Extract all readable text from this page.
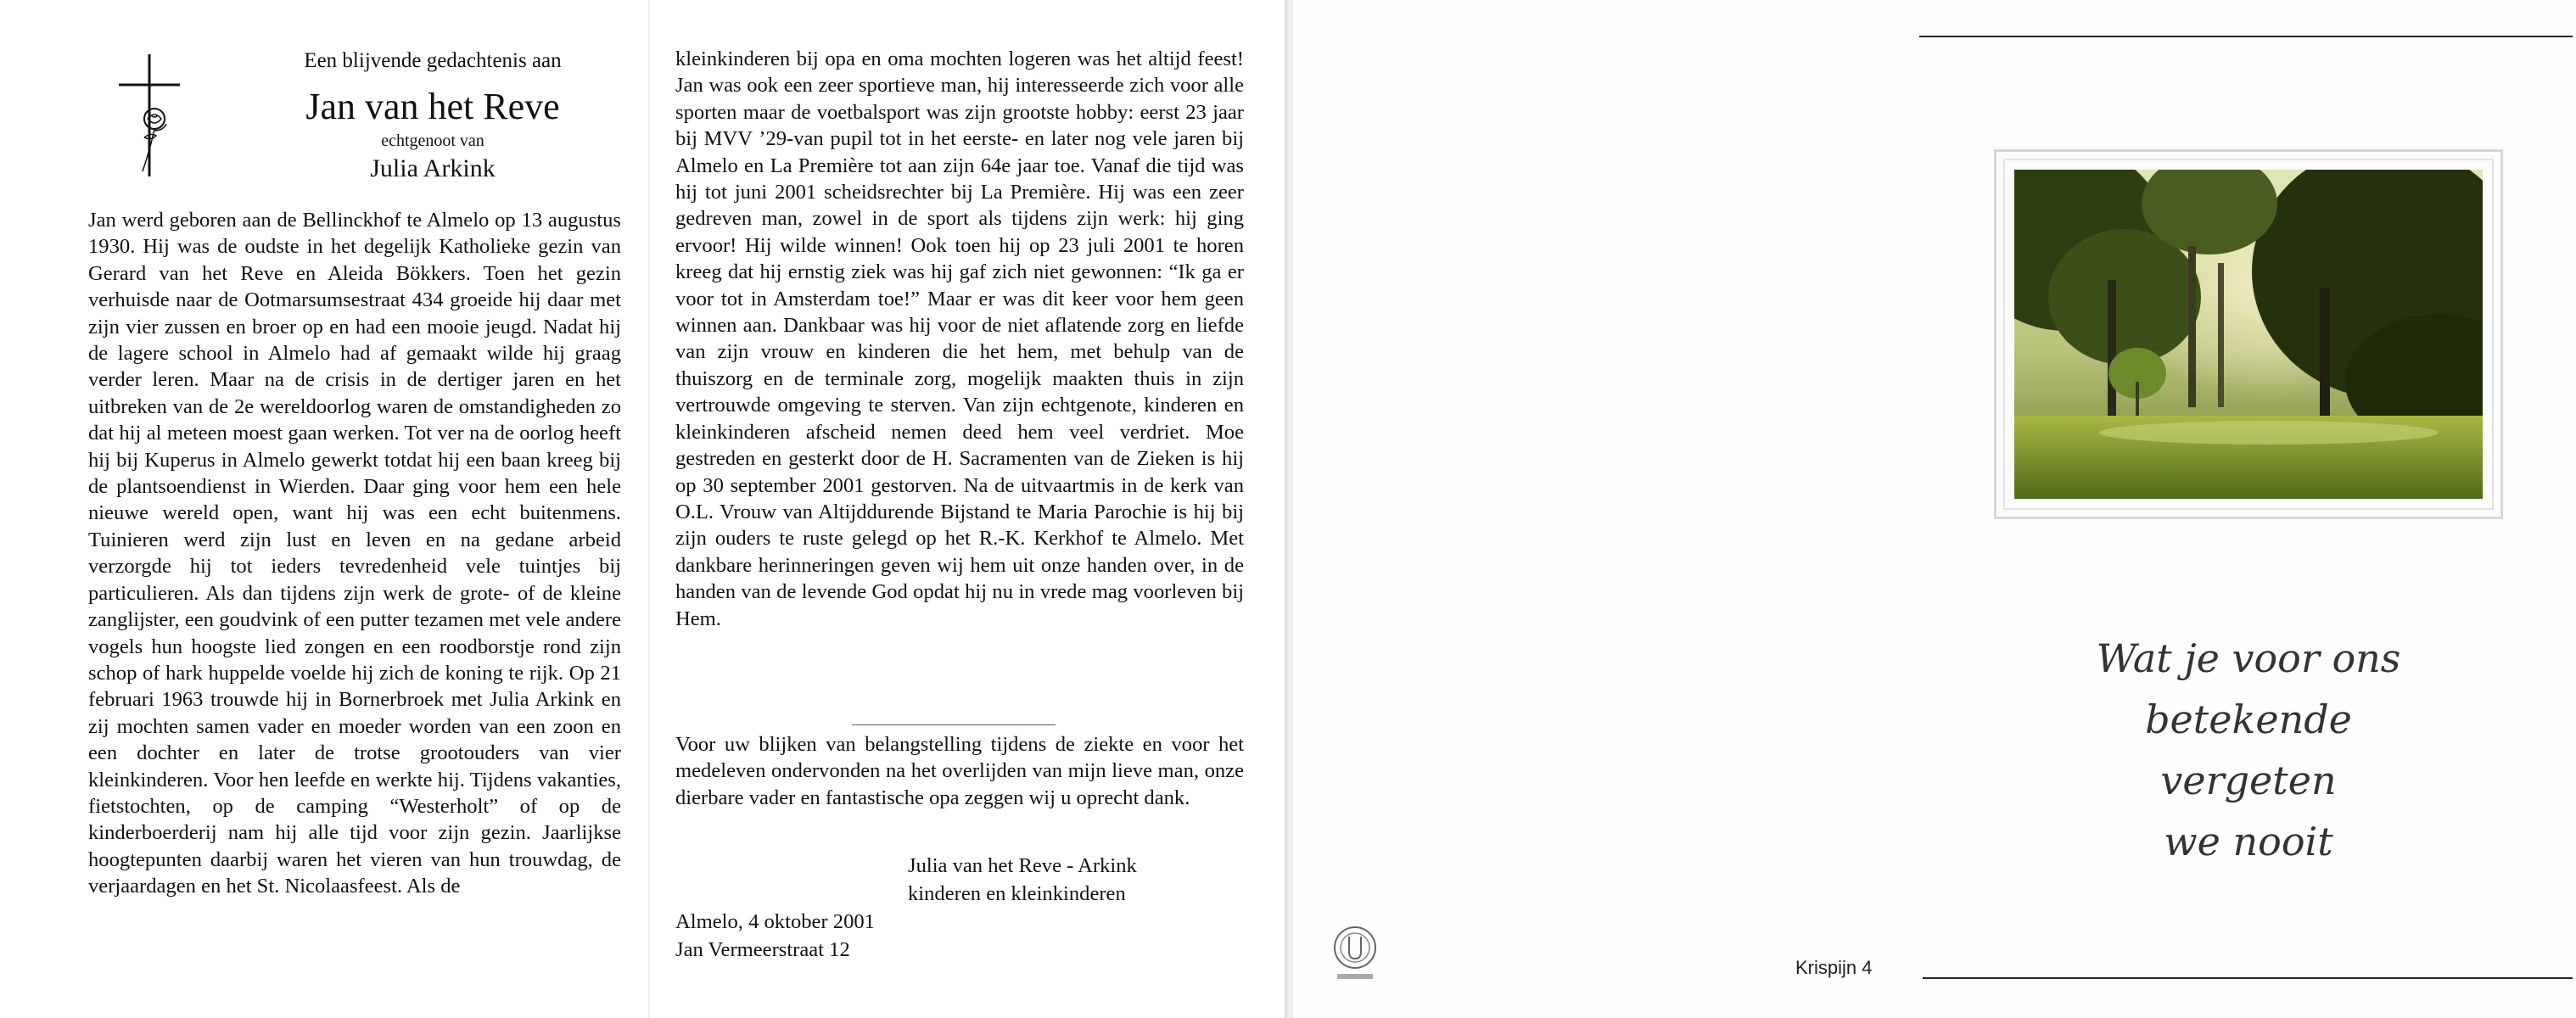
Een blijvende gedachtenis aan
Jan van het Reve
echtgenoot van
Julia Arkink

Jan werd geboren aan de Bellinckhof te Almelo op 13 augustus 1930. Hij was de oudste in het degelijk Katholieke gezin van Gerard van het Reve en Aleida Bökkers. Toen het gezin verhuisde naar de Ootmarsumsestraat 434 groeide hij daar met zijn vier zussen en broer op en had een mooie jeugd. Nadat hij de lagere school in Almelo had af gemaakt wilde hij graag verder leren. Maar na de crisis in de dertiger jaren en het uitbreken van de 2e wereldoorlog waren de omstandigheden zo dat hij al meteen moest gaan werken. Tot ver na de oorlog heeft hij bij Kuperus in Almelo gewerkt totdat hij een baan kreeg bij de plantsoendienst in Wierden. Daar ging voor hem een hele nieuwe wereld open, want hij was een echt buitenmens. Tuinieren werd zijn lust en leven en na gedane arbeid verzorgde hij tot ieders tevredenheid vele tuintjes bij particulieren. Als dan tijdens zijn werk de grote- of de kleine zanglijster, een goudvink of een putter tezamen met vele andere vogels hun hoogste lied zongen en een roodborstje rond zijn schop of hark huppelde voelde hij zich de koning te rijk. Op 21 februari 1963 trouwde hij in Bornerbroek met Julia Arkink en zij mochten samen vader en moeder worden van een zoon en een dochter en later de trotse grootouders van vier kleinkinderen. Voor hen leefde en werkte hij. Tijdens vakanties, fietstochten, op de camping “Westerholt” of op de kinderboerderij nam hij alle tijd voor zijn gezin. Jaarlijkse hoogtepunten daarbij waren het vieren van hun trouwdag, de verjaardagen en het St. Nicolaasfeest. Als de

kleinkinderen bij opa en oma mochten logeren was het altijd feest! Jan was ook een zeer sportieve man, hij interesseerde zich voor alle sporten maar de voetbalsport was zijn grootste hobby: eerst 23 jaar bij MVV ’29-van pupil tot in het eerste- en later nog vele jaren bij Almelo en La Première tot aan zijn 64e jaar toe. Vanaf die tijd was hij tot juni 2001 scheidsrechter bij La Première. Hij was een zeer gedreven man, zowel in de sport als tijdens zijn werk: hij ging ervoor! Hij wilde winnen! Ook toen hij op 23 juli 2001 te horen kreeg dat hij ernstig ziek was hij gaf zich niet gewonnen: “Ik ga er voor tot in Amsterdam toe!” Maar er was dit keer voor hem geen winnen aan. Dankbaar was hij voor de niet aflatende zorg en liefde van zijn vrouw en kinderen die het hem, met behulp van de thuiszorg en de terminale zorg, mogelijk maakten thuis in zijn vertrouwde omgeving te sterven. Van zijn echtgenote, kinderen en kleinkinderen afscheid nemen deed hem veel verdriet. Moe gestreden en gesterkt door de H. Sacramenten van de Zieken is hij op 30 september 2001 gestorven. Na de uitvaartmis in de kerk van O.L. Vrouw van Altijddurende Bijstand te Maria Parochie is hij bij zijn ouders te ruste gelegd op het R.-K. Kerkhof te Almelo. Met dankbare herinneringen geven wij hem uit onze handen over, in de handen van de levende God opdat hij nu in vrede mag voorleven bij Hem.

Voor uw blijken van belangstelling tijdens de ziekte en voor het medeleven ondervonden na het overlijden van mijn lieve man, onze dierbare vader en fantastische opa zeggen wij u oprecht dank.
Julia van het Reve - Arkink
kinderen en kleinkinderen
Almelo, 4 oktober 2001
Jan Vermeerstraat 12
Wat je voor ons
betekende vergeten
we nooit
Krispijn 4
